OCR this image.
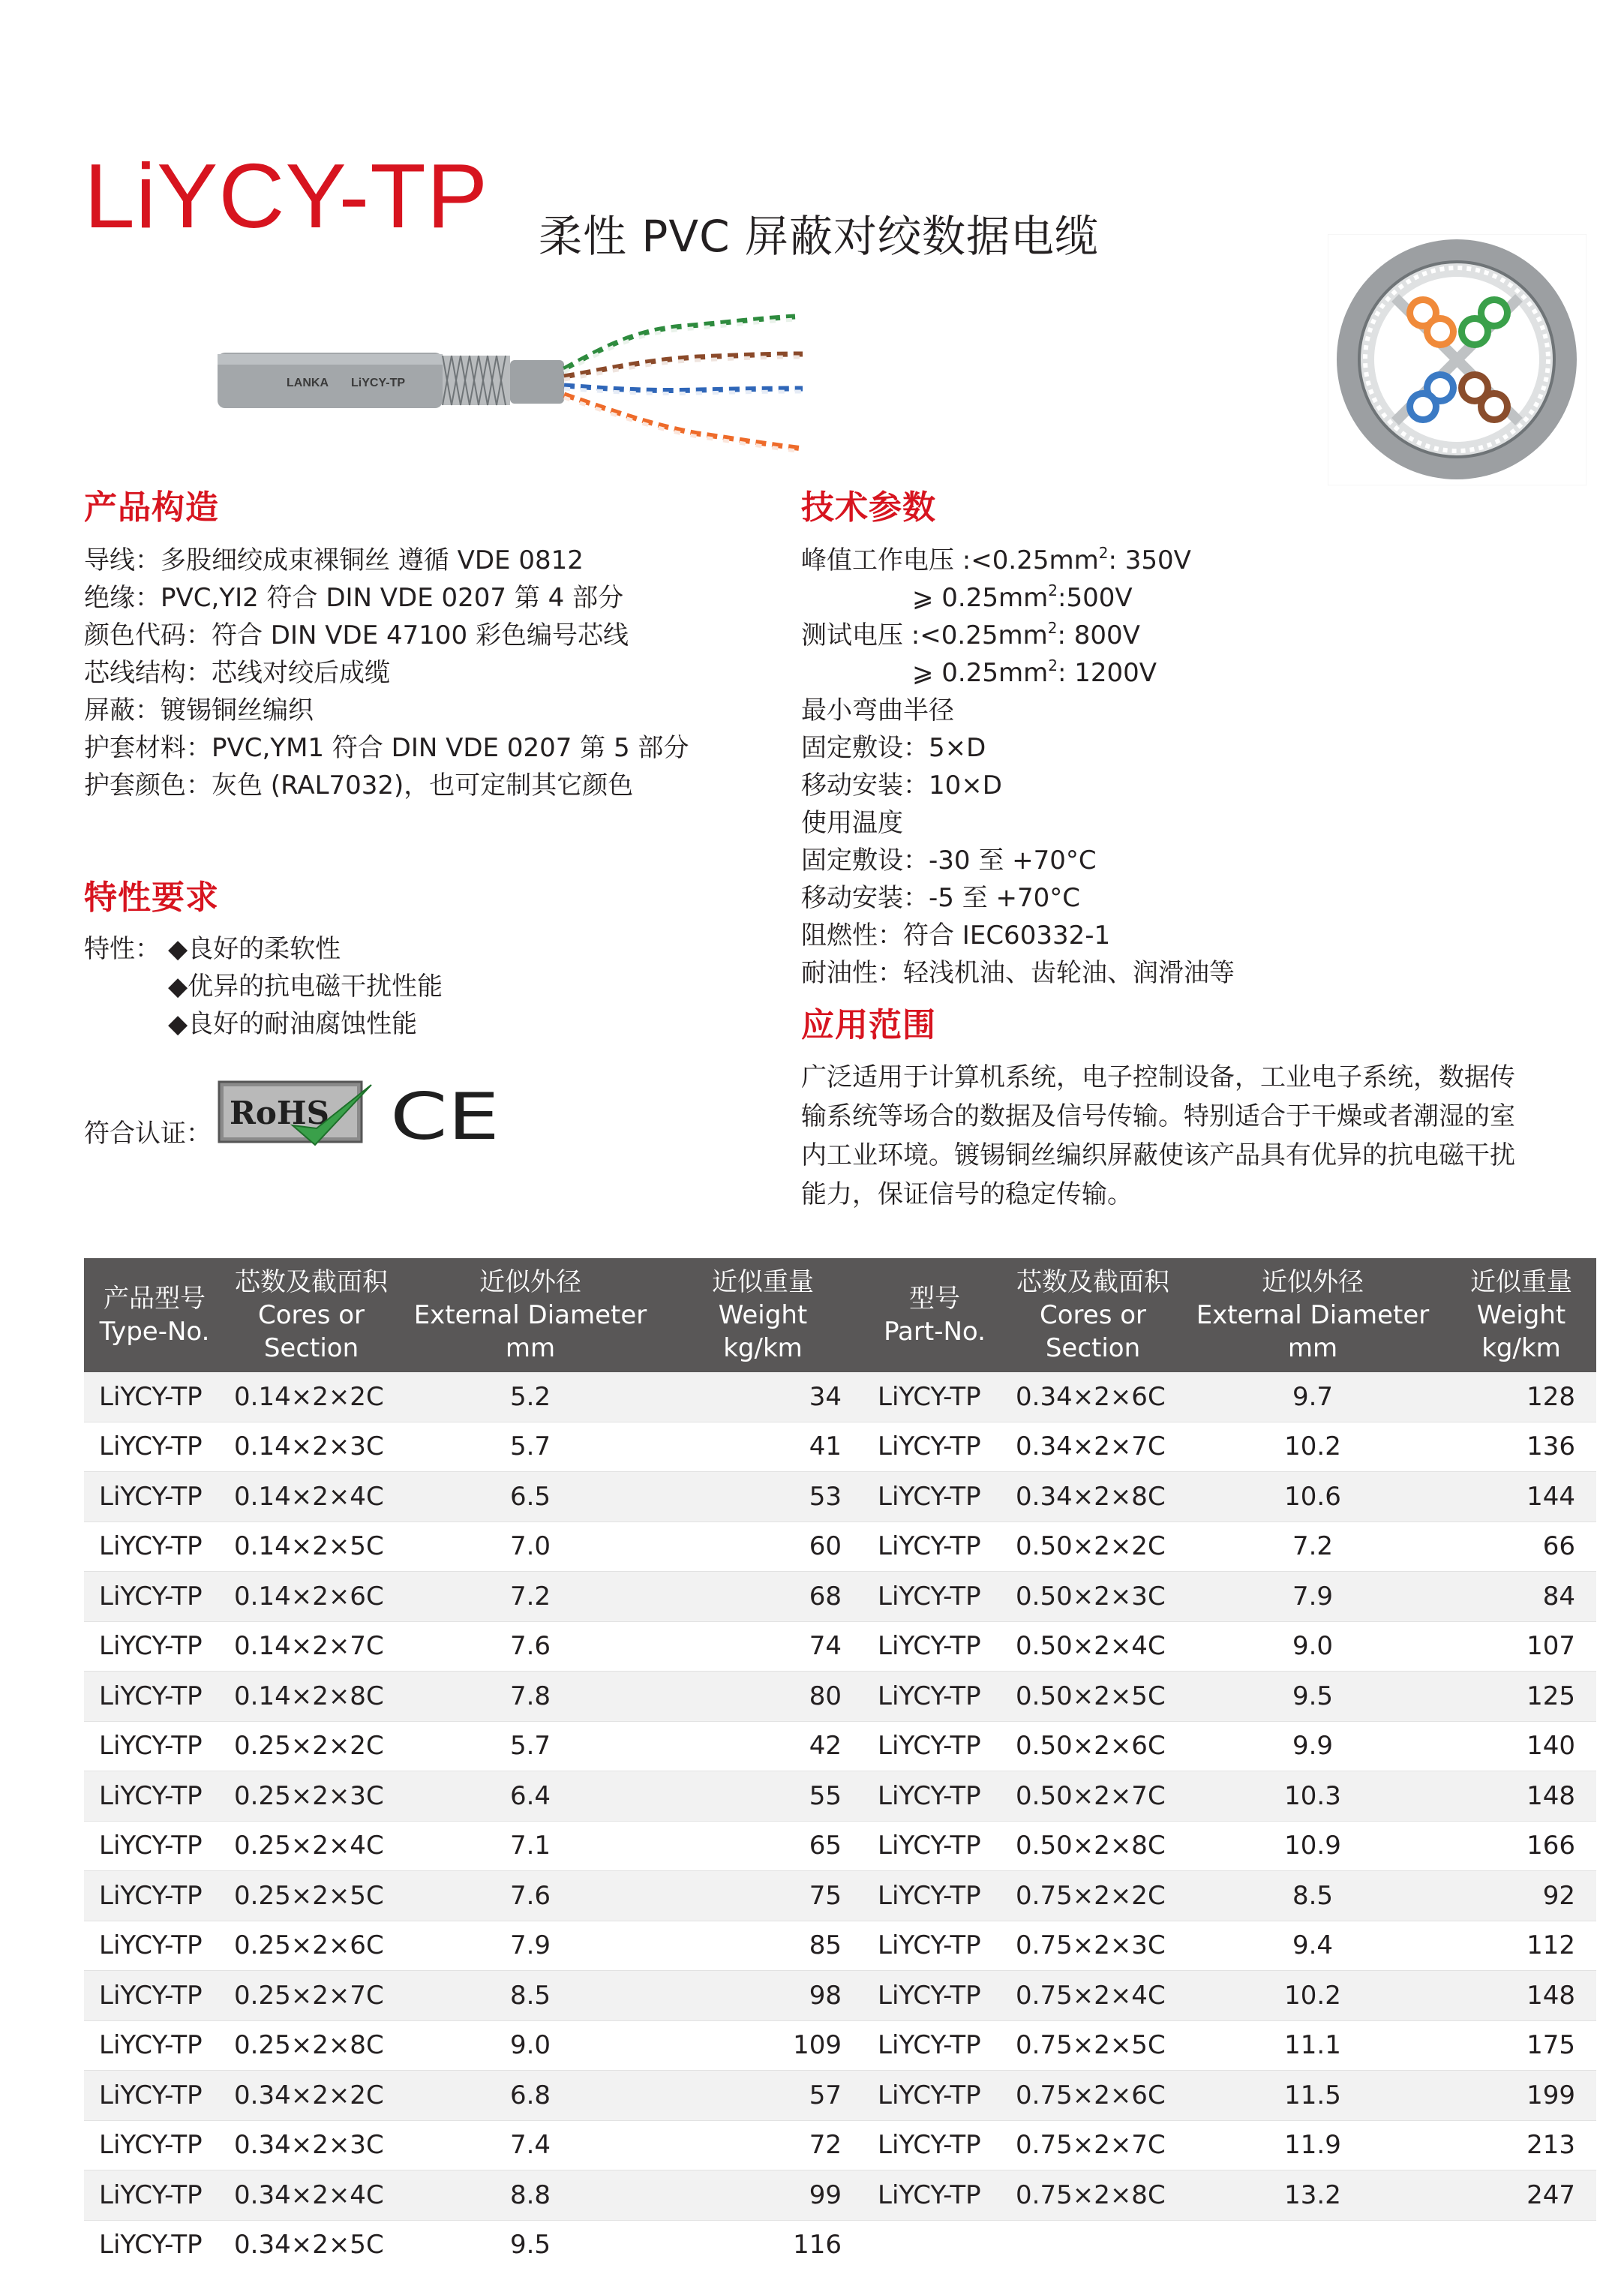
LiYCY-TP 柔性 PVC 屏蔽对绞数据电缆
LANKA LiYCY-TP
产品构造
导线：多股细绞成束裸铜丝 遵循 VDE 0812
绝缘：PVC,YI2 符合 DIN VDE 0207 第 4 部分
颜色代码：符合 DIN VDE 47100 彩色编号芯线
芯线结构：芯线对绞后成缆
屏蔽：镀锡铜丝编织
护套材料：PVC,YM1 符合 DIN VDE 0207 第 5 部分
护套颜色：灰色 (RAL7032)，也可定制其它颜色
特性要求
特性： ◆良好的柔软性
◆优异的抗电磁干扰性能
◆良好的耐油腐蚀性能
符合认证：
RoHS CE
技术参数
峰值工作电压 $:<0.25mm^2$: 350V
⩾ $0.25mm^2:500V$
测试电压 $:<0.25mm^2$: 800V
⩾ $0.25mm^2$: 1200V
最小弯曲半径
固定敷设：5×D
移动安装：10×D
使用温度
固定敷设：-30 至 +70°C
移动安装：-5 至 +70°C
阻燃性：符合 IEC60332-1
耐油性：轻浅机油、齿轮油、润滑油等
应用范围
广泛适用于计算机系统，电子控制设备，工业电子系统，数据传
输系统等场合的数据及信号传输。特别适合于干燥或者潮湿的室
内工业环境。镀锡铜丝编织屏蔽使该产品具有优异的抗电磁干扰
能力，保证信号的稳定传输。
产品型号
Type-No.	芯数及截面积
Cores or
Section	近似外径
External Diameter
mm	近似重量
Weight
kg/km	型号
Part-No.	芯数及截面积
Cores or
Section	近似外径
External Diameter
mm	近似重量
Weight
kg/km
LiYCY-TP	0.14×2×2C	5.2	34	LiYCY-TP	0.34×2×6C	9.7	128
LiYCY-TP	0.14×2×3C	5.7	41	LiYCY-TP	0.34×2×7C	10.2	136
LiYCY-TP	0.14×2×4C	6.5	53	LiYCY-TP	0.34×2×8C	10.6	144
LiYCY-TP	0.14×2×5C	7.0	60	LiYCY-TP	0.50×2×2C	7.2	66
LiYCY-TP	0.14×2×6C	7.2	68	LiYCY-TP	0.50×2×3C	7.9	84
LiYCY-TP	0.14×2×7C	7.6	74	LiYCY-TP	0.50×2×4C	9.0	107
LiYCY-TP	0.14×2×8C	7.8	80	LiYCY-TP	0.50×2×5C	9.5	125
LiYCY-TP	0.25×2×2C	5.7	42	LiYCY-TP	0.50×2×6C	9.9	140
LiYCY-TP	0.25×2×3C	6.4	55	LiYCY-TP	0.50×2×7C	10.3	148
LiYCY-TP	0.25×2×4C	7.1	65	LiYCY-TP	0.50×2×8C	10.9	166
LiYCY-TP	0.25×2×5C	7.6	75	LiYCY-TP	0.75×2×2C	8.5	92
LiYCY-TP	0.25×2×6C	7.9	85	LiYCY-TP	0.75×2×3C	9.4	112
LiYCY-TP	0.25×2×7C	8.5	98	LiYCY-TP	0.75×2×4C	10.2	148
LiYCY-TP	0.25×2×8C	9.0	109	LiYCY-TP	0.75×2×5C	11.1	175
LiYCY-TP	0.34×2×2C	6.8	57	LiYCY-TP	0.75×2×6C	11.5	199
LiYCY-TP	0.34×2×3C	7.4	72	LiYCY-TP	0.75×2×7C	11.9	213
LiYCY-TP	0.34×2×4C	8.8	99	LiYCY-TP	0.75×2×8C	13.2	247
LiYCY-TP	0.34×2×5C	9.5	116				
